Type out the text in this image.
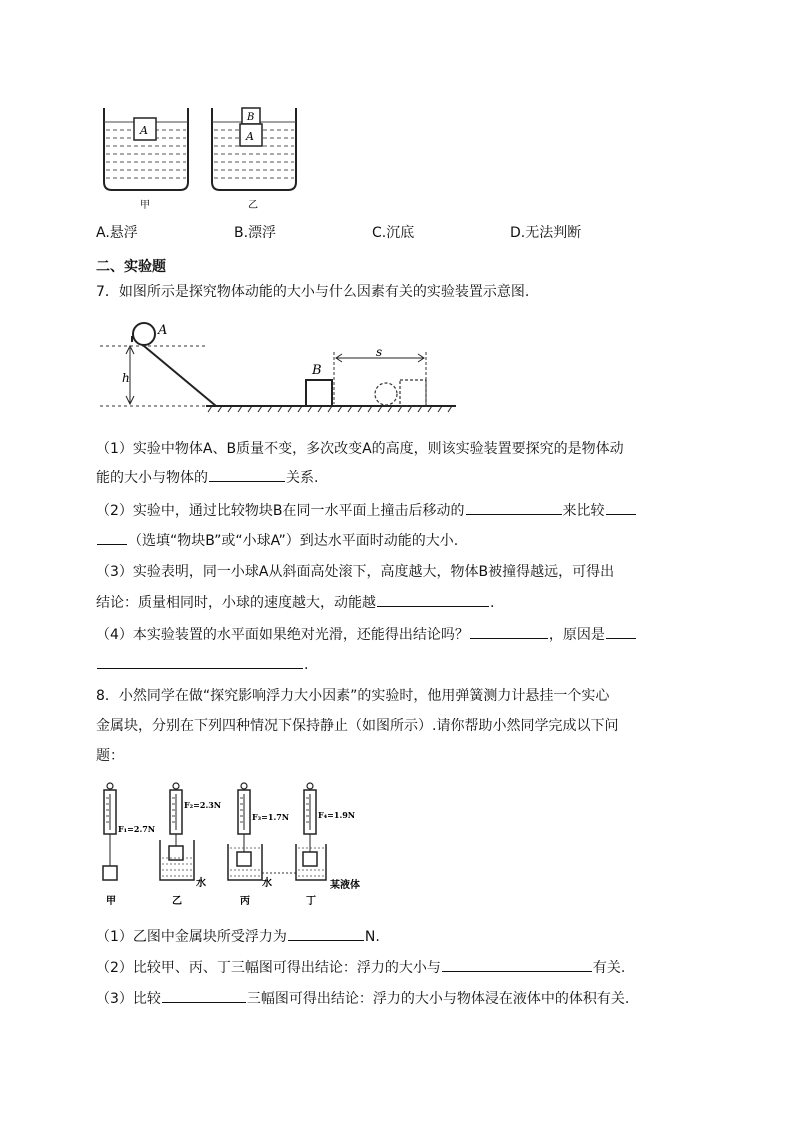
A
B
A
甲	乙
A.悬浮	B.漂浮	C.沉底	D.无法判断
二、实验题
7．如图所示是探究物体动能的大小与什么因素有关的实验装置示意图.
h
A
B
s
（1）实验中物体A、B质量不变，多次改变A的高度，则该实验装置要探究的是物体动
能的大小与物体的	关系.
（2）实验中，通过比较物块B在同一水平面上撞击后移动的	来比较
（选填“物块B”或“小球A”）到达水平面时动能的大小.
（3）实验表明，同一小球A从斜面高处滚下，高度越大，物体B被撞得越远，可得出
结论：质量相同时，小球的速度越大，动能越	.
（4）本实验装置的水平面如果绝对光滑，还能得出结论吗？	，原因是
.
8．小然同学在做“探究影响浮力大小因素”的实验时，他用弹簧测力计悬挂一个实心
金属块，分别在下列四种情况下保持静止（如图所示）.请你帮助小然同学完成以下问
题：
F₁=2.7N
F₂=2.3N
水
F₃=1.7N
水
F₄=1.9N
某液体
甲	乙	丙	丁
（1）乙图中金属块所受浮力为	N.
（2）比较甲、丙、丁三幅图可得出结论：浮力的大小与	有关.
（3）比较	三幅图可得出结论：浮力的大小与物体浸在液体中的体积有关.
